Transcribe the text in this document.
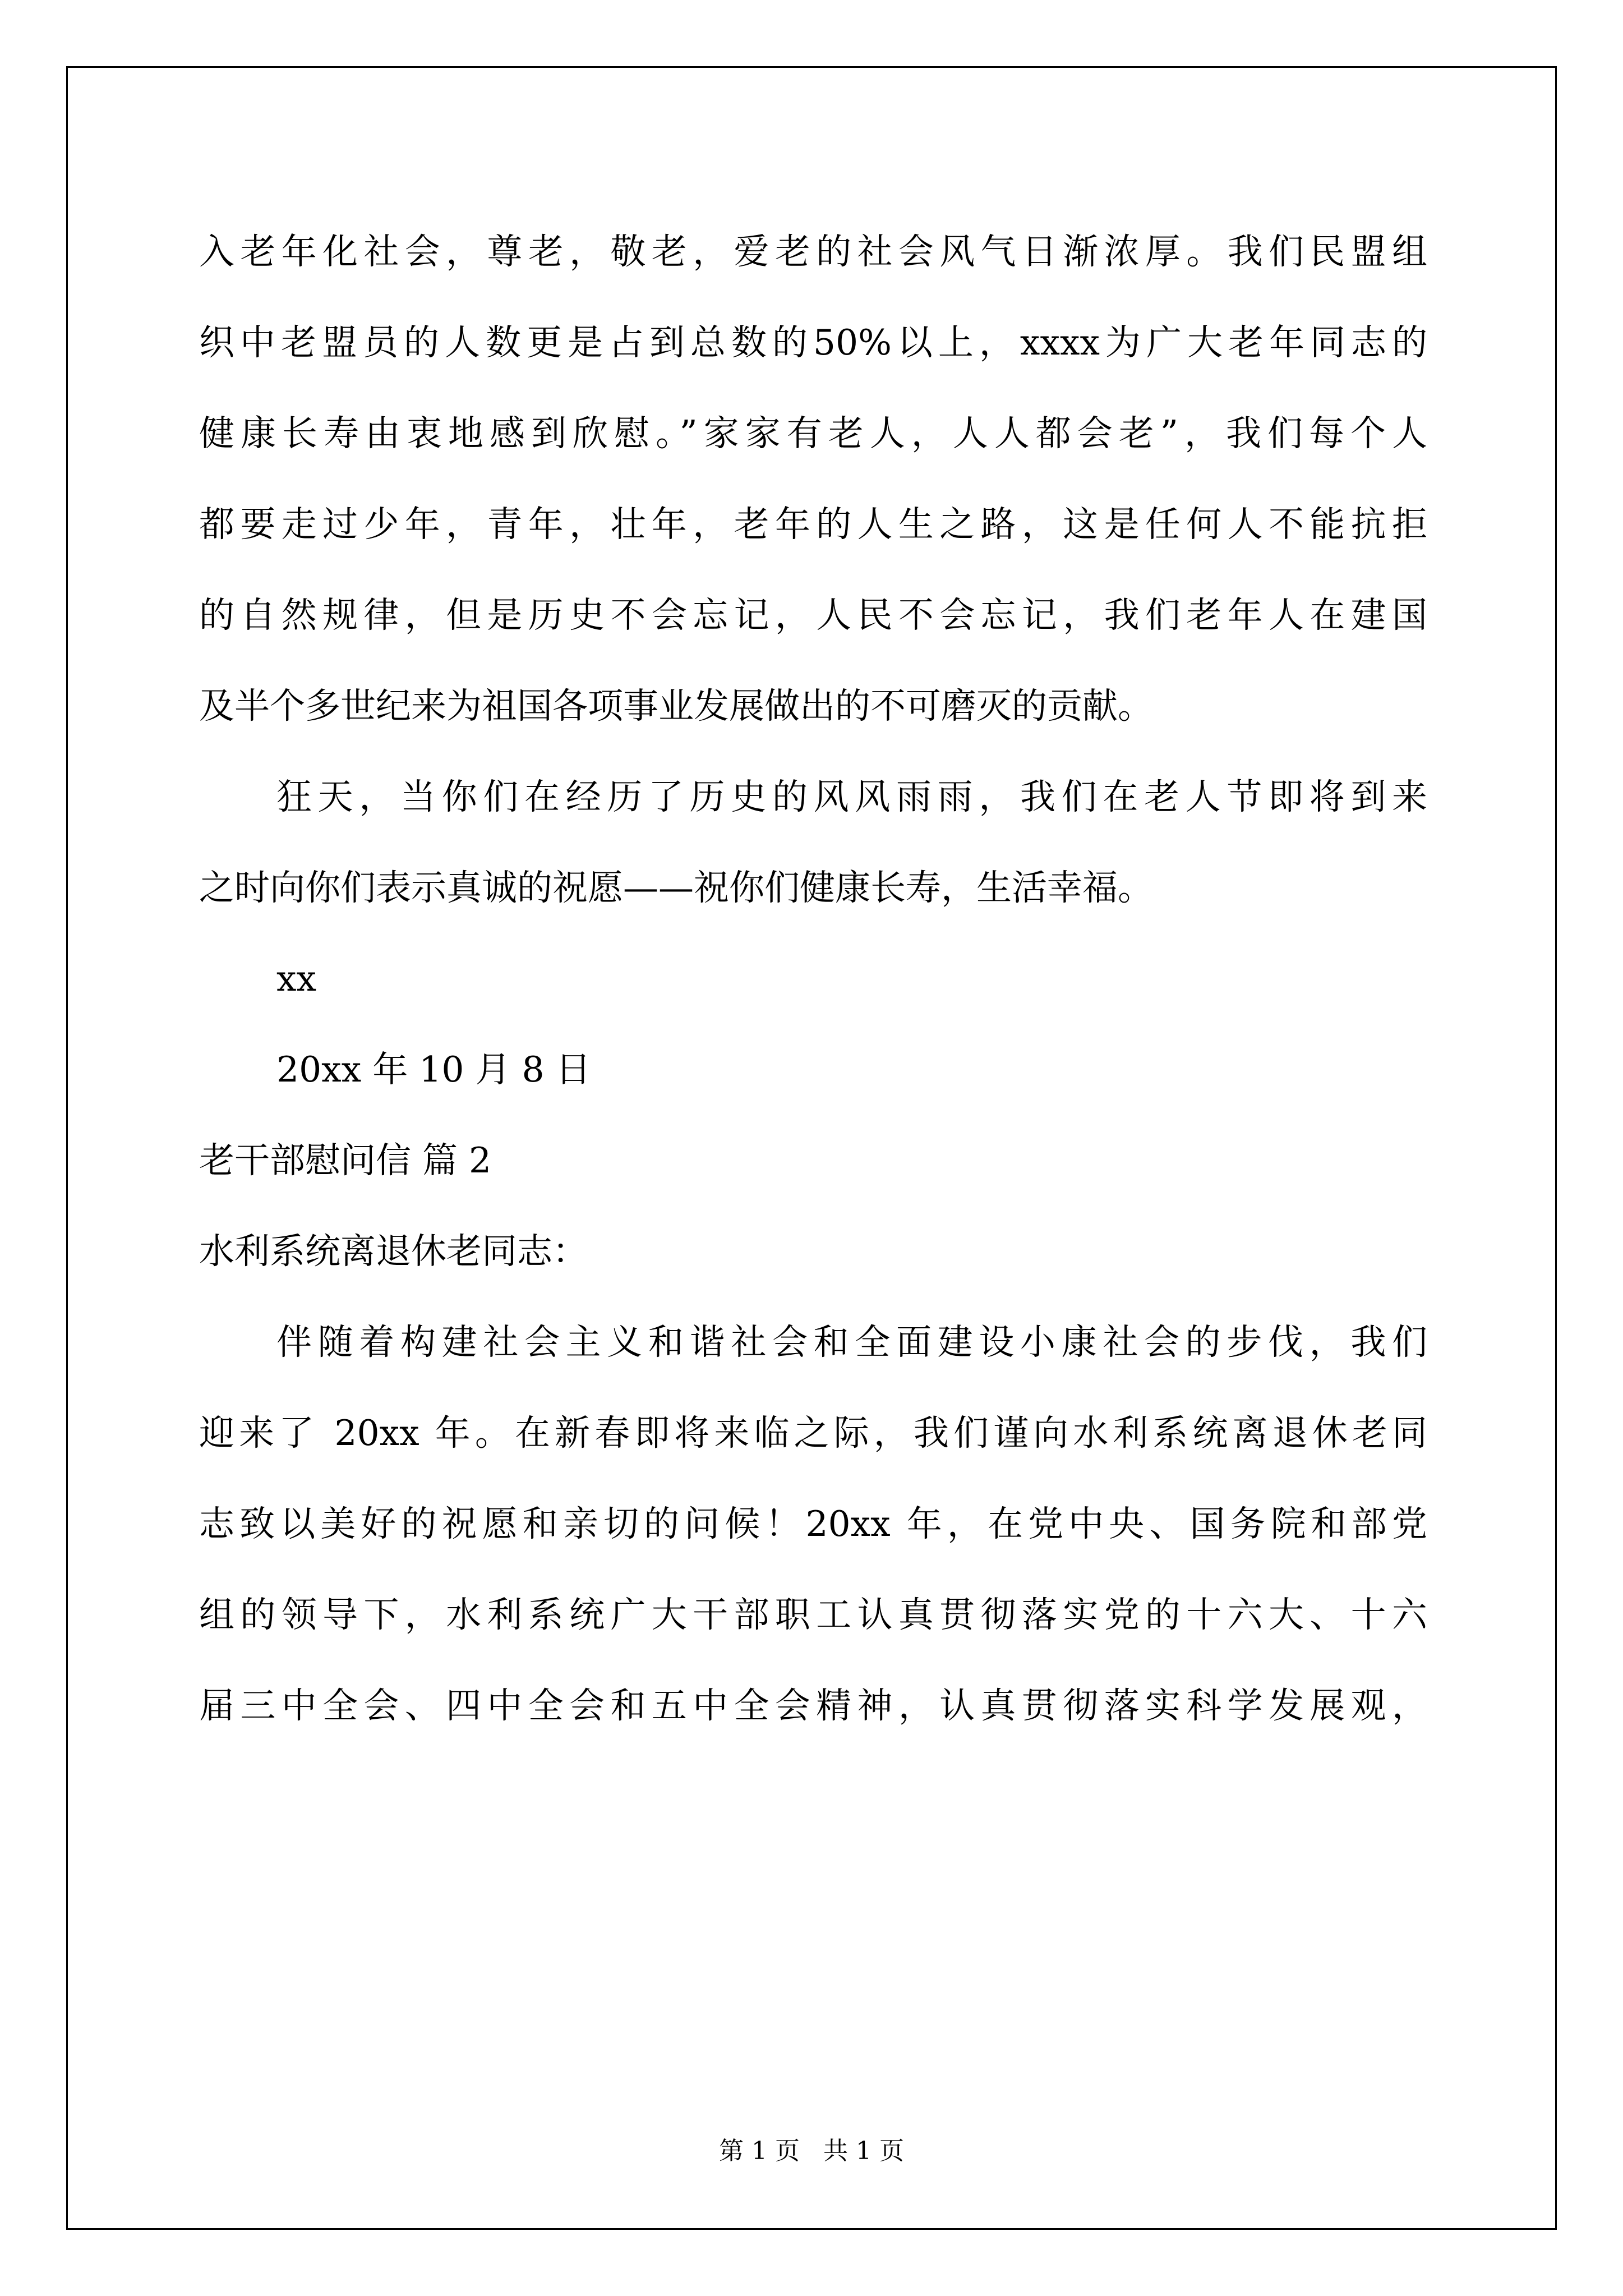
入老年化社会，尊老，敬老，爱老的社会风气日渐浓厚。我们民盟组
织中老盟员的人数更是占到总数的50%以上，xxxx为广大老年同志的
健康长寿由衷地感到欣慰。”家家有老人，人人都会老”，我们每个人
都要走过少年，青年，壮年，老年的人生之路，这是任何人不能抗拒
的自然规律，但是历史不会忘记，人民不会忘记，我们老年人在建国
及半个多世纪来为祖国各项事业发展做出的不可磨灭的贡献。
狂天，当你们在经历了历史的风风雨雨，我们在老人节即将到来
之时向你们表示真诚的祝愿——祝你们健康长寿，生活幸福。
xx
20xx 年 10 月 8 日
老干部慰问信 篇 2
水利系统离退休老同志：
伴随着构建社会主义和谐社会和全面建设小康社会的步伐，我们
迎来了 20xx 年。在新春即将来临之际，我们谨向水利系统离退休老同
志致以美好的祝愿和亲切的问候！20xx 年，在党中央、国务院和部党
组的领导下，水利系统广大干部职工认真贯彻落实党的十六大、十六
届三中全会、四中全会和五中全会精神，认真贯彻落实科学发展观，
第 1 页   共 1 页
